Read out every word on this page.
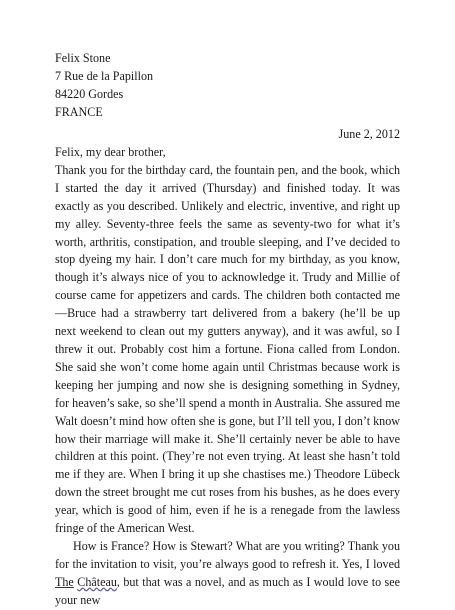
Felix Stone
7 Rue de la Papillon
84220 Gordes
FRANCE
June 2, 2012
Felix, my dear brother,

Thank you for the birthday card, the fountain pen, and the book, which I started the day it arrived (Thursday) and finished today. It was exactly as you described. Unlikely and electric, inventive, and right up my alley. Seventy-three feels the same as seventy-two for what it’s worth, arthritis, constipation, and trouble sleeping, and I’ve decided to stop dyeing my hair. I don’t care much for my birthday, as you know, though it’s always nice of you to acknowledge it. Trudy and Millie of course came for appetizers and cards. The children both contacted me—Bruce had a strawberry tart delivered from a bakery (he’ll be up next weekend to clean out my gutters anyway), and it was awful, so I threw it out. Probably cost him a fortune. Fiona called from London. She said she won’t come home again until Christmas because work is keeping her jumping and now she is designing something in Sydney, for heaven’s sake, so she’ll spend a month in Australia. She assured me Walt doesn’t mind how often she is gone, but I’ll tell you, I don’t know how their marriage will make it. She’ll certainly never be able to have children at this point. (They’re not even trying. At least she hasn’t told me if they are. When I bring it up she chastises me.) Theodore Lübeck down the street brought me cut roses from his bushes, as he does every year, which is good of him, even if he is a renegade from the lawless fringe of the American West.

How is France? How is Stewart? What are you writing? Thank you for the invitation to visit, you’re always good to refresh it. Yes, I loved The Château, but that was a novel, and as much as I would love to see your new
